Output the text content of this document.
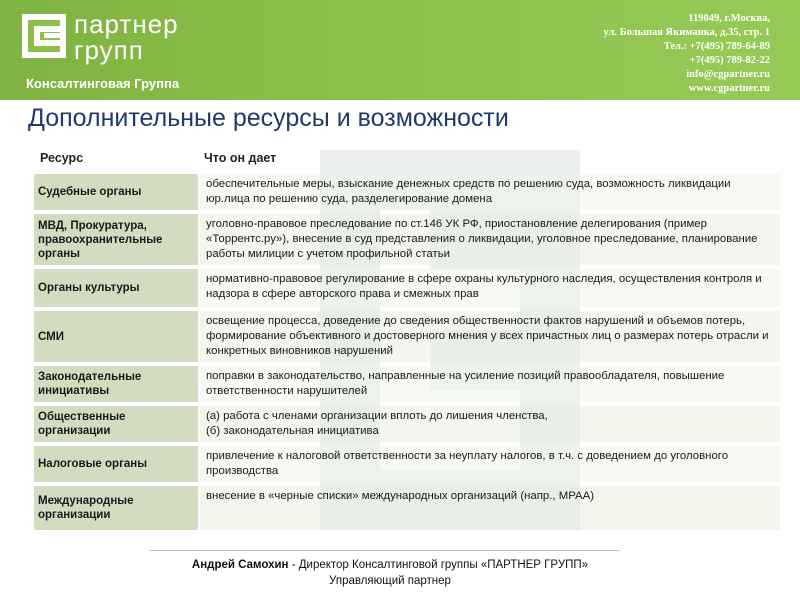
партнер
групп
Консалтинговая Группа
119049, г.Москва,
ул. Большая Якиманка, д.35, стр. 1
Тел.: +7(495) 789-64-89
+7(495) 789-82-22
info@cgpartner.ru
www.cgpartner.ru
Дополнительные ресурсы и возможности
Ресурс	Что он дает
Судебные органы
обеспечительные меры, взыскание денежных средств по решению суда, возможность ликвидации юр.лица по решению суда, разделегирование домена
МВД, Прокуратура, правоохранительные органы
уголовно-правовое преследование по ст.146 УК РФ, приостановление делегирования (пример «Торрентс.ру»), внесение в суд представления о ликвидации, уголовное преследование, планирование работы милиции с учетом профильной статьи
Органы культуры
нормативно-правовое регулирование в сфере охраны культурного наследия, осуществления контроля и надзора в сфере авторского права и смежных прав
СМИ
освещение процесса, доведение до сведения общественности фактов нарушений и объемов потерь, формирование объективного и достоверного мнения у всех причастных лиц о размерах потерь отрасли и конкретных виновников нарушений
Законодательные инициативы
поправки в законодательство, направленные на усиление позиций правообладателя, повышение ответственности нарушителей
Общественные организации
(а) работа с членами организации вплоть до лишения членства,
(б) законодательная инициатива
Налоговые органы
привлечение к налоговой ответственности за неуплату налогов, в т.ч. с доведением до уголовного производства
Международные организации
внесение в «черные списки» международных организаций (напр., МРАА)
Андрей Самохин - Директор Консалтинговой группы «ПАРТНЕР ГРУПП»
Управляющий партнер
